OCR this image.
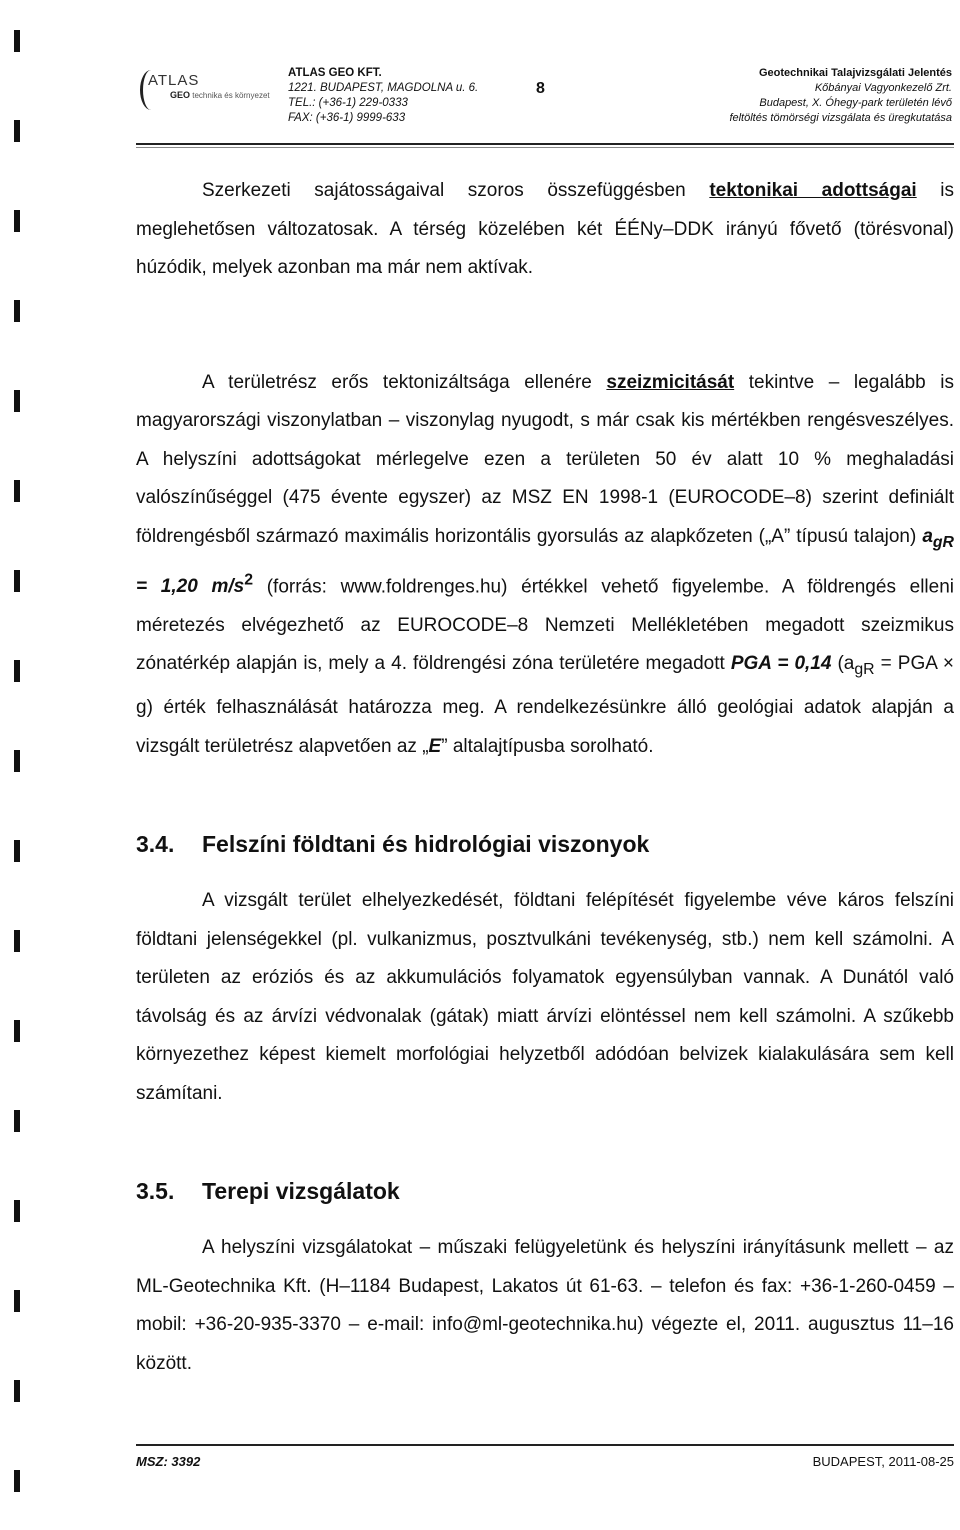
ATLAS
GEO technika és környezet
ATLAS GEO KFT.
1221. BUDAPEST, MAGDOLNA u. 6.
TEL.: (+36-1) 229-0333
FAX: (+36-1) 9999-633
8
Geotechnikai Talajvizsgálati Jelentés
Kőbányai Vagyonkezelő Zrt.
Budapest, X. Óhegy-park területén lévő
feltöltés tömörségi vizsgálata és üregkutatása

Szerkezeti sajátosságaival szoros összefüggésben tektonikai adottságai is meglehetősen változatosak. A térség közelében két ÉÉNy–DDK irányú fővető (törésvonal) húzódik, melyek azonban ma már nem aktívak.

A területrész erős tektonizáltsága ellenére szeizmicitását tekintve – legalább is magyarországi viszonylatban – viszonylag nyugodt, s már csak kis mértékben rengésveszélyes. A helyszíni adottságokat mérlegelve ezen a területen 50 év alatt 10 % meghaladási valószínűséggel (475 évente egyszer) az MSZ EN 1998-1 (EUROCODE–8) szerint definiált földrengésből származó maximális horizontális gyorsulás az alapkőzeten („A” típusú talajon) $a_{gR} = 1,20$ $m/s^2$ (forrás: www.foldrenges.hu) értékkel vehető figyelembe. A földrengés elleni méretezés elvégezhető az EUROCODE–8 Nemzeti Mellékletében megadott szeizmikus zónatérkép alapján is, mely a 4. földrengési zóna területére megadott PGA = 0,14 ($a_{gR}$ = PGA × g) érték felhasználását határozza meg. A rendelkezésünkre álló geológiai adatok alapján a vizsgált területrész alapvetően az „E” altalajtípusba sorolható.

3.4. Felszíni földtani és hidrológiai viszonyok

A vizsgált terület elhelyezkedését, földtani felépítését figyelembe véve káros felszíni földtani jelenségekkel (pl. vulkanizmus, posztvulkáni tevékenység, stb.) nem kell számolni. A területen az eróziós és az akkumulációs folyamatok egyensúlyban vannak. A Dunától való távolság és az árvízi védvonalak (gátak) miatt árvízi elöntéssel nem kell számolni. A szűkebb környezethez képest kiemelt morfológiai helyzetből adódóan belvizek kialakulására sem kell számítani.

3.5. Terepi vizsgálatok

A helyszíni vizsgálatokat – műszaki felügyeletünk és helyszíni irányításunk mellett – az ML-Geotechnika Kft. (H–1184 Budapest, Lakatos út 61-63. – telefon és fax: +36-1-260-0459 – mobil: +36-20-935-3370 – e-mail: info@ml-geotechnika.hu) végezte el, 2011. augusztus 11–16 között.

MSZ: 3392	BUDAPEST, 2011-08-25
